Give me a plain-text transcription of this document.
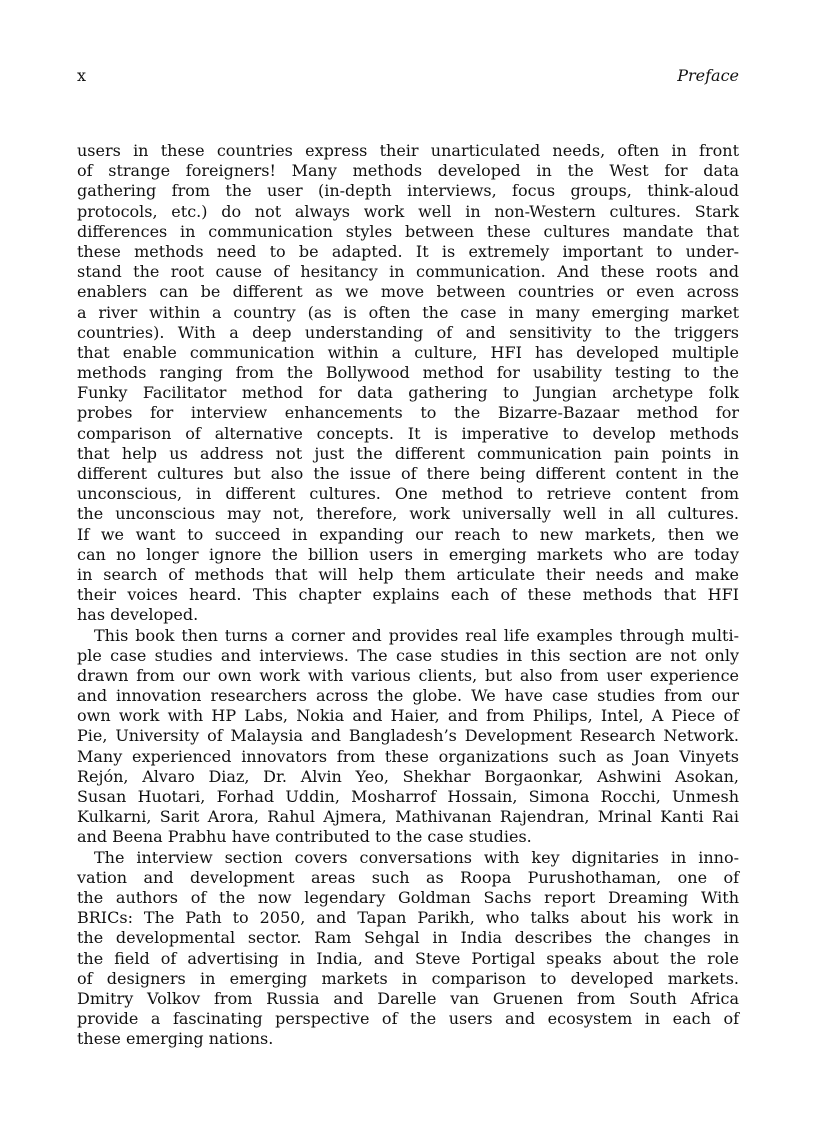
x	Preface
users in these countries express their unarticulated needs, often in front
of strange foreigners! Many methods developed in the West for data
gathering from the user (in-depth interviews, focus groups, think-aloud
protocols, etc.) do not always work well in non-Western cultures. Stark
differences in communication styles between these cultures mandate that
these methods need to be adapted. It is extremely important to under-
stand the root cause of hesitancy in communication. And these roots and
enablers can be different as we move between countries or even across
a river within a country (as is often the case in many emerging market
countries). With a deep understanding of and sensitivity to the triggers
that enable communication within a culture, HFI has developed multiple
methods ranging from the Bollywood method for usability testing to the
Funky Facilitator method for data gathering to Jungian archetype folk
probes for interview enhancements to the Bizarre-Bazaar method for
comparison of alternative concepts. It is imperative to develop methods
that help us address not just the different communication pain points in
different cultures but also the issue of there being different content in the
unconscious, in different cultures. One method to retrieve content from
the unconscious may not, therefore, work universally well in all cultures.
If we want to succeed in expanding our reach to new markets, then we
can no longer ignore the billion users in emerging markets who are today
in search of methods that will help them articulate their needs and make
their voices heard. This chapter explains each of these methods that HFI
has developed.
This book then turns a corner and provides real life examples through multi-
ple case studies and interviews. The case studies in this section are not only
drawn from our own work with various clients, but also from user experience
and innovation researchers across the globe. We have case studies from our
own work with HP Labs, Nokia and Haier, and from Philips, Intel, A Piece of
Pie, University of Malaysia and Bangladesh’s Development Research Network.
Many experienced innovators from these organizations such as Joan Vinyets
Rejón, Alvaro Diaz, Dr. Alvin Yeo, Shekhar Borgaonkar, Ashwini Asokan,
Susan Huotari, Forhad Uddin, Mosharrof Hossain, Simona Rocchi, Unmesh
Kulkarni, Sarit Arora, Rahul Ajmera, Mathivanan Rajendran, Mrinal Kanti Rai
and Beena Prabhu have contributed to the case studies.
The interview section covers conversations with key dignitaries in inno-
vation and development areas such as Roopa Purushothaman, one of
the authors of the now legendary Goldman Sachs report Dreaming With
BRICs: The Path to 2050, and Tapan Parikh, who talks about his work in
the developmental sector. Ram Sehgal in India describes the changes in
the field of advertising in India, and Steve Portigal speaks about the role
of designers in emerging markets in comparison to developed markets.
Dmitry Volkov from Russia and Darelle van Gruenen from South Africa
provide a fascinating perspective of the users and ecosystem in each of
these emerging nations.
